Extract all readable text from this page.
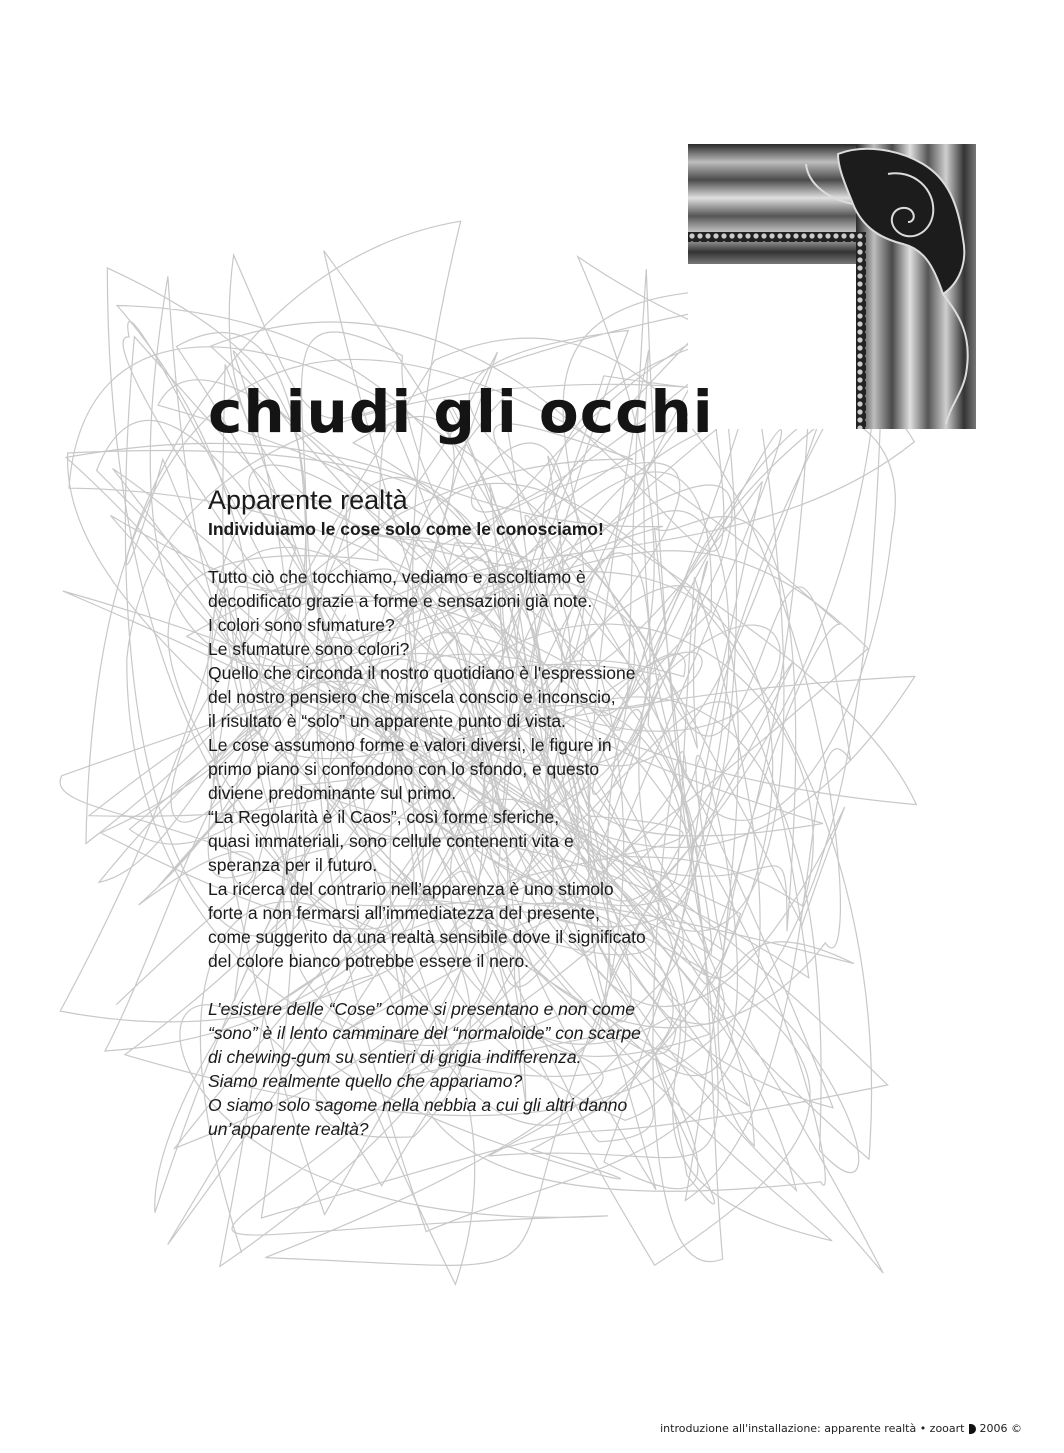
chiudi gli occhi
Apparente realtà

Individuiamo le cose solo come le conosciamo!

Tutto ciò che tocchiamo, vediamo e ascoltiamo è
decodificato grazie a forme e sensazioni già note.
I colori sono sfumature?
Le sfumature sono colori?
Quello che circonda il nostro quotidiano è l'espressione
del nostro pensiero che miscela conscio e inconscio,
il risultato è “solo” un apparente punto di vista.
Le cose assumono forme e valori diversi, le figure in
primo piano si confondono con lo sfondo, e questo
diviene predominante sul primo.
“La Regolarità è il Caos”, così forme sferiche,
quasi immateriali, sono cellule contenenti vita e
speranza per il futuro.
La ricerca del contrario nell’apparenza è uno stimolo
forte a non fermarsi all’immediatezza del presente,
come suggerito da una realtà sensibile dove il significato
del colore bianco potrebbe essere il nero.

L’esistere delle “Cose” come si presentano e non come
“sono” è il lento camminare del “normaloide” con scarpe
di chewing-gum su sentieri di grigia indifferenza.
Siamo realmente quello che appariamo?
O siamo solo sagome nella nebbia a cui gli altri danno
un’apparente realtà?

introduzione all'installazione: apparente realtà • zooart 2006 ©
